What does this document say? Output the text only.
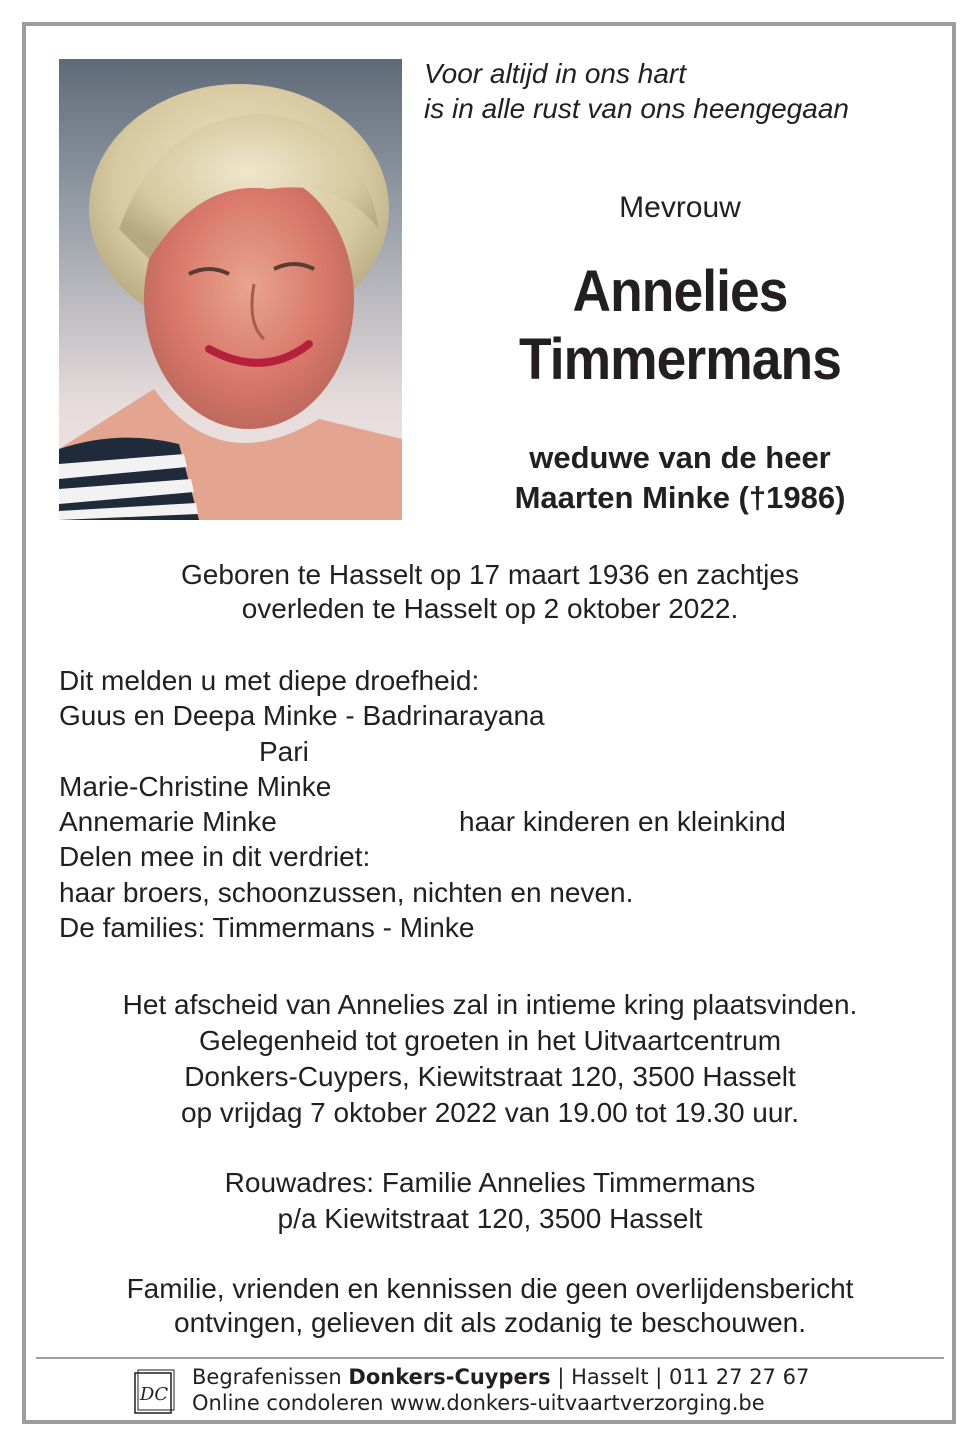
Voor altijd in ons hart
is in alle rust van ons heengegaan
Mevrouw
Annelies
Timmermans
weduwe van de heer
Maarten Minke (†1986)
Geboren te Hasselt op 17 maart 1936 en zachtjes
overleden te Hasselt op 2 oktober 2022.
Dit melden u met diepe droefheid:
Guus en Deepa Minke - Badrinarayana
Pari
Marie-Christine Minke
Annemarie Minke	haar kinderen en kleinkind
Delen mee in dit verdriet:
haar broers, schoonzussen, nichten en neven.
De families: Timmermans - Minke
Het afscheid van Annelies zal in intieme kring plaatsvinden.
Gelegenheid tot groeten in het Uitvaartcentrum
Donkers-Cuypers, Kiewitstraat 120, 3500 Hasselt
op vrijdag 7 oktober 2022 van 19.00 tot 19.30 uur.
Rouwadres: Familie Annelies Timmermans
p/a Kiewitstraat 120, 3500 Hasselt
Familie, vrienden en kennissen die geen overlijdensbericht
ontvingen, gelieven dit als zodanig te beschouwen.
DC
Begrafenissen Donkers-Cuypers | Hasselt | 011 27 27 67
Online condoleren www.donkers-uitvaartverzorging.be
